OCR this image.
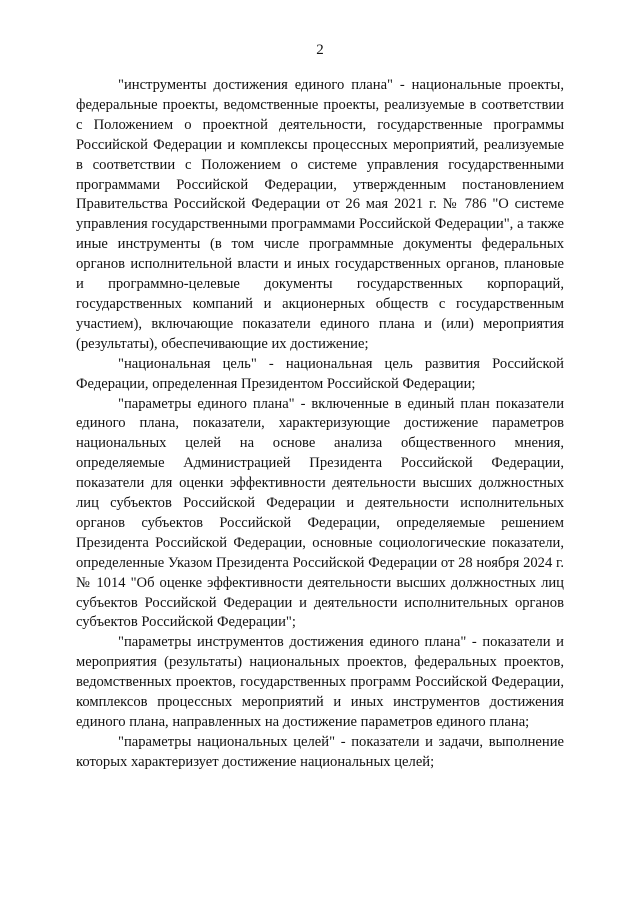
2

"инструменты достижения единого плана" - национальные проекты, федеральные проекты, ведомственные проекты, реализуемые в соответствии с Положением о проектной деятельности, государственные программы Российской Федерации и комплексы процессных мероприятий, реализуемые в соответствии с Положением о системе управления государственными программами Российской Федерации, утвержденным постановлением Правительства Российской Федерации от 26 мая 2021 г. № 786 "О системе управления государственными программами Российской Федерации", а также иные инструменты (в том числе программные документы федеральных органов исполнительной власти и иных государственных органов, плановые и программно-целевые документы государственных корпораций, государственных компаний и акционерных обществ с государственным участием), включающие показатели единого плана и (или) мероприятия (результаты), обеспечивающие их достижение;

"национальная цель" - национальная цель развития Российской Федерации, определенная Президентом Российской Федерации;

"параметры единого плана" - включенные в единый план показатели единого плана, показатели, характеризующие достижение параметров национальных целей на основе анализа общественного мнения, определяемые Администрацией Президента Российской Федерации, показатели для оценки эффективности деятельности высших должностных лиц субъектов Российской Федерации и деятельности исполнительных органов субъектов Российской Федерации, определяемые решением Президента Российской Федерации, основные социологические показатели, определенные Указом Президента Российской Федерации от 28 ноября 2024 г. № 1014 "Об оценке эффективности деятельности высших должностных лиц субъектов Российской Федерации и деятельности исполнительных органов субъектов Российской Федерации";

"параметры инструментов достижения единого плана" - показатели и мероприятия (результаты) национальных проектов, федеральных проектов, ведомственных проектов, государственных программ Российской Федерации, комплексов процессных мероприятий и иных инструментов достижения единого плана, направленных на достижение параметров единого плана;

"параметры национальных целей" - показатели и задачи, выполнение которых характеризует достижение национальных целей;
